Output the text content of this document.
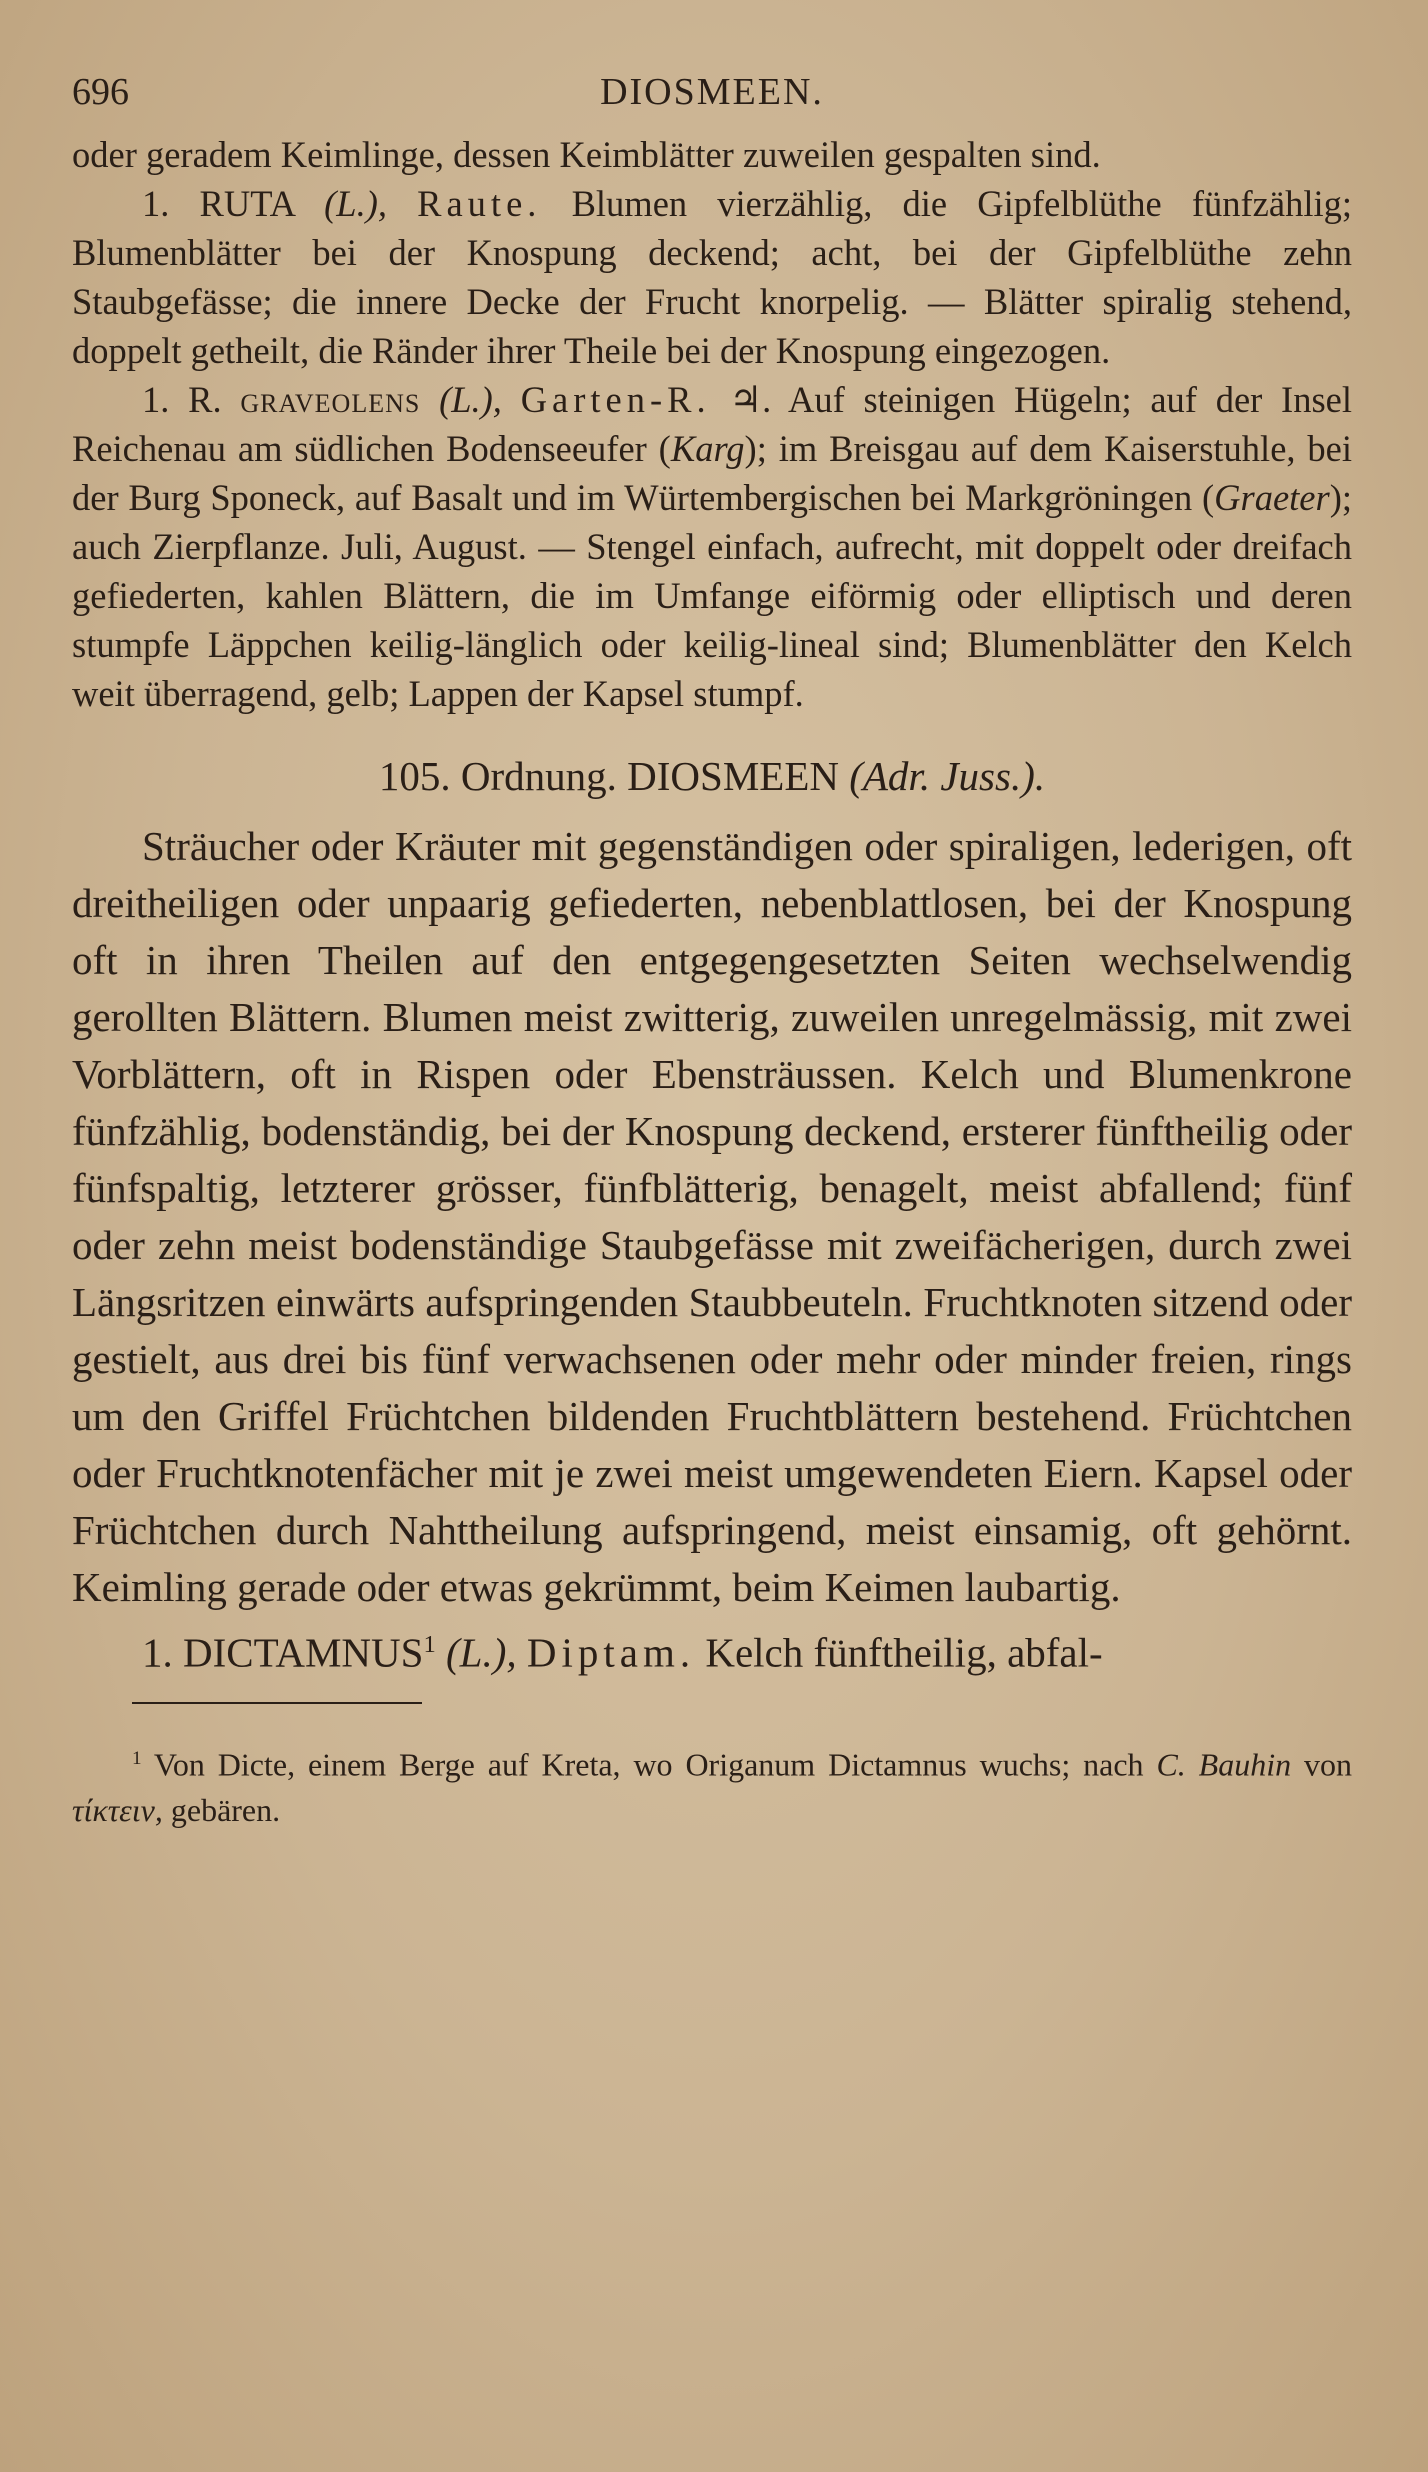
696	DIOSMEEN.

oder geradem Keimlinge, dessen Keimblätter zuweilen gespalten sind.

1. RUTA (L.), Raute. Blumen vierzählig, die Gipfelblüthe fünfzählig; Blumenblätter bei der Knospung deckend; acht, bei der Gipfelblüthe zehn Staubgefässe; die innere Decke der Frucht knorpelig. — Blätter spiralig stehend, doppelt getheilt, die Ränder ihrer Theile bei der Knospung eingezogen.

1. R. graveolens (L.), Garten-R. ♃. Auf steinigen Hügeln; auf der Insel Reichenau am südlichen Bodenseeufer (Karg); im Breisgau auf dem Kaiserstuhle, bei der Burg Sponeck, auf Basalt und im Würtembergischen bei Markgröningen (Graeter); auch Zierpflanze. Juli, August. — Stengel einfach, aufrecht, mit doppelt oder dreifach gefiederten, kahlen Blättern, die im Umfange eiförmig oder elliptisch und deren stumpfe Läppchen keilig-länglich oder keilig-lineal sind; Blumenblätter den Kelch weit überragend, gelb; Lappen der Kapsel stumpf.

105. Ordnung. DIOSMEEN (Adr. Juss.).

Sträucher oder Kräuter mit gegenständigen oder spiraligen, lederigen, oft dreitheiligen oder unpaarig gefiederten, nebenblattlosen, bei der Knospung oft in ihren Theilen auf den entgegengesetzten Seiten wechselwendig gerollten Blättern. Blumen meist zwitterig, zuweilen unregelmässig, mit zwei Vorblättern, oft in Rispen oder Ebensträussen. Kelch und Blumenkrone fünfzählig, bodenständig, bei der Knospung deckend, ersterer fünftheilig oder fünfspaltig, letzterer grösser, fünfblätterig, benagelt, meist abfallend; fünf oder zehn meist bodenständige Staubgefässe mit zweifächerigen, durch zwei Längsritzen einwärts aufspringenden Staubbeuteln. Fruchtknoten sitzend oder gestielt, aus drei bis fünf verwachsenen oder mehr oder minder freien, rings um den Griffel Früchtchen bildenden Fruchtblättern bestehend. Früchtchen oder Fruchtknotenfächer mit je zwei meist umgewendeten Eiern. Kapsel oder Früchtchen durch Nahttheilung aufspringend, meist einsamig, oft gehörnt. Keimling gerade oder etwas gekrümmt, beim Keimen laubartig.

1. DICTAMNUS$^1$ (L.), Diptam. Kelch fünftheilig, abfal-

$^1$ Von Dicte, einem Berge auf Kreta, wo Origanum Dictamnus wuchs; nach C. Bauhin von τίκτειν, gebären.
